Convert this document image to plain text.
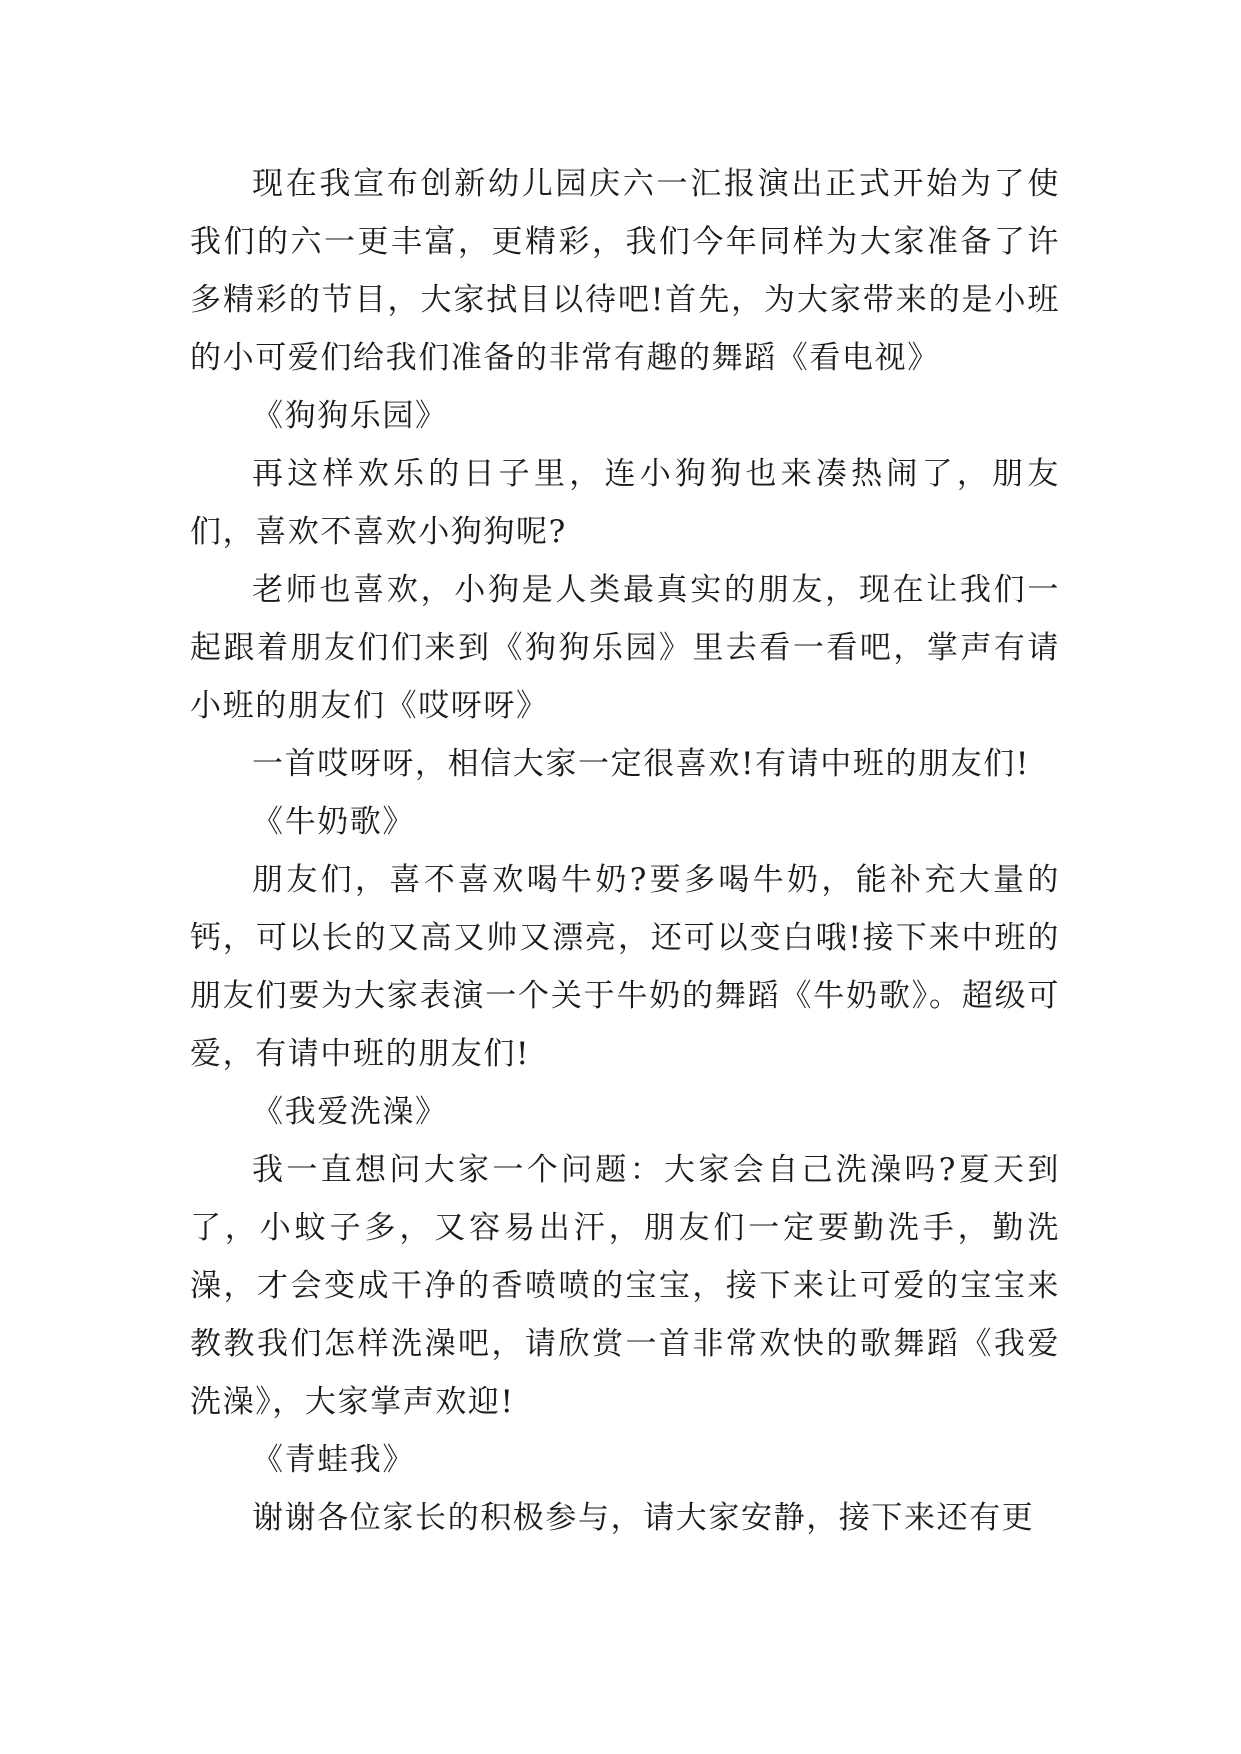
现在我宣布创新幼儿园庆六一汇报演出正式开始为了使我们的六一更丰富，更精彩，我们今年同样为大家准备了许多精彩的节目，大家拭目以待吧!首先，为大家带来的是小班的小可爱们给我们准备的非常有趣的舞蹈《看电视》

《狗狗乐园》

再这样欢乐的日子里，连小狗狗也来凑热闹了，朋友们，喜欢不喜欢小狗狗呢?

老师也喜欢，小狗是人类最真实的朋友，现在让我们一起跟着朋友们们来到《狗狗乐园》里去看一看吧，掌声有请小班的朋友们《哎呀呀》

一首哎呀呀，相信大家一定很喜欢!有请中班的朋友们!

《牛奶歌》

朋友们，喜不喜欢喝牛奶?要多喝牛奶，能补充大量的钙，可以长的又高又帅又漂亮，还可以变白哦!接下来中班的朋友们要为大家表演一个关于牛奶的舞蹈《牛奶歌》。超级可爱，有请中班的朋友们!

《我爱洗澡》

我一直想问大家一个问题：大家会自己洗澡吗?夏天到了，小蚊子多，又容易出汗，朋友们一定要勤洗手，勤洗澡，才会变成干净的香喷喷的宝宝，接下来让可爱的宝宝来教教我们怎样洗澡吧，请欣赏一首非常欢快的歌舞蹈《我爱洗澡》，大家掌声欢迎!

《青蛙我》

谢谢各位家长的积极参与，请大家安静，接下来还有更
